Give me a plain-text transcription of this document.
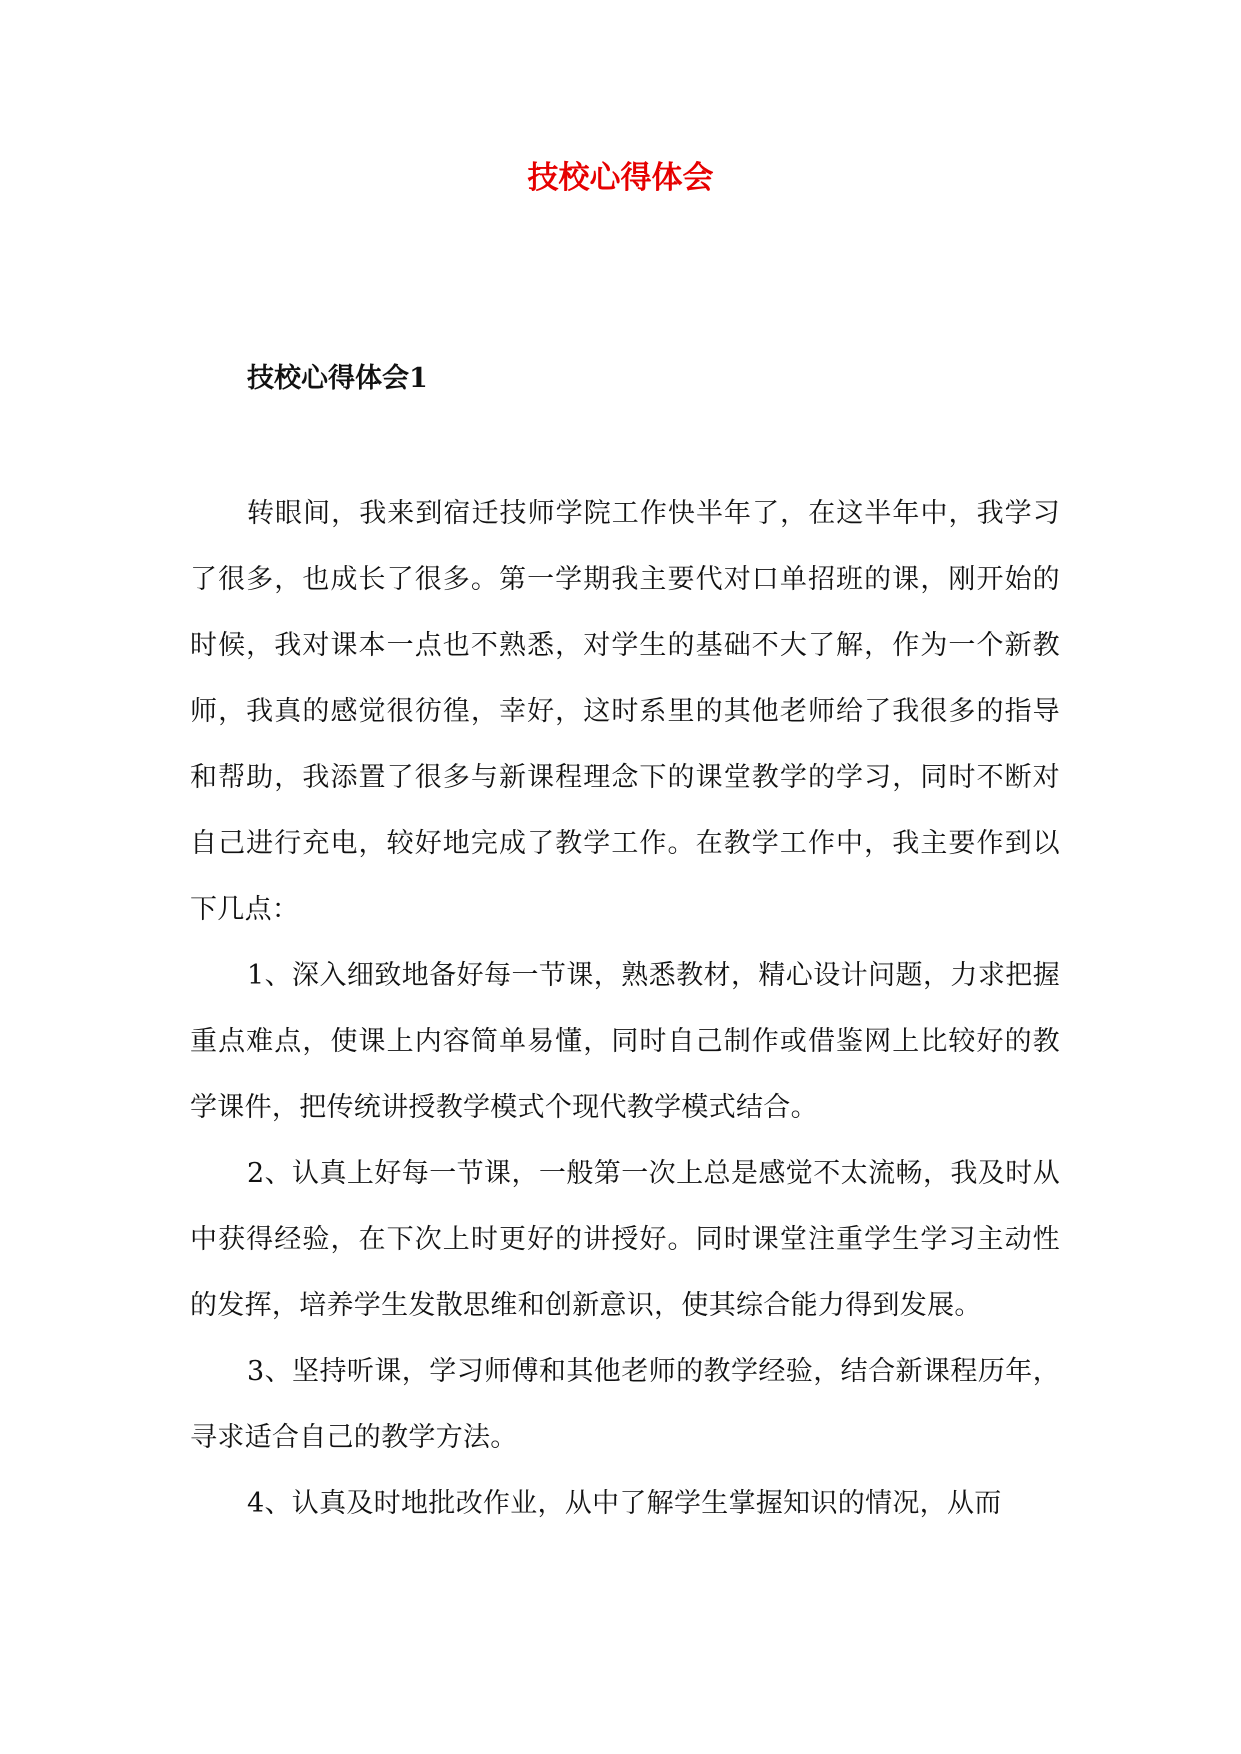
技校心得体会
技校心得体会1

转眼间，我来到宿迁技师学院工作快半年了，在这半年中，我学习了很多，也成长了很多。第一学期我主要代对口单招班的课，刚开始的时候，我对课本一点也不熟悉，对学生的基础不大了解，作为一个新教师，我真的感觉很彷徨，幸好，这时系里的其他老师给了我很多的指导和帮助，我添置了很多与新课程理念下的课堂教学的学习，同时不断对自己进行充电，较好地完成了教学工作。在教学工作中，我主要作到以下几点：

1、深入细致地备好每一节课，熟悉教材，精心设计问题，力求把握重点难点，使课上内容简单易懂，同时自己制作或借鉴网上比较好的教学课件，把传统讲授教学模式个现代教学模式结合。

2、认真上好每一节课，一般第一次上总是感觉不太流畅，我及时从中获得经验，在下次上时更好的讲授好。同时课堂注重学生学习主动性的发挥，培养学生发散思维和创新意识，使其综合能力得到发展。

3、坚持听课，学习师傅和其他老师的教学经验，结合新课程历年，寻求适合自己的教学方法。

4、认真及时地批改作业，从中了解学生掌握知识的情况，从而
